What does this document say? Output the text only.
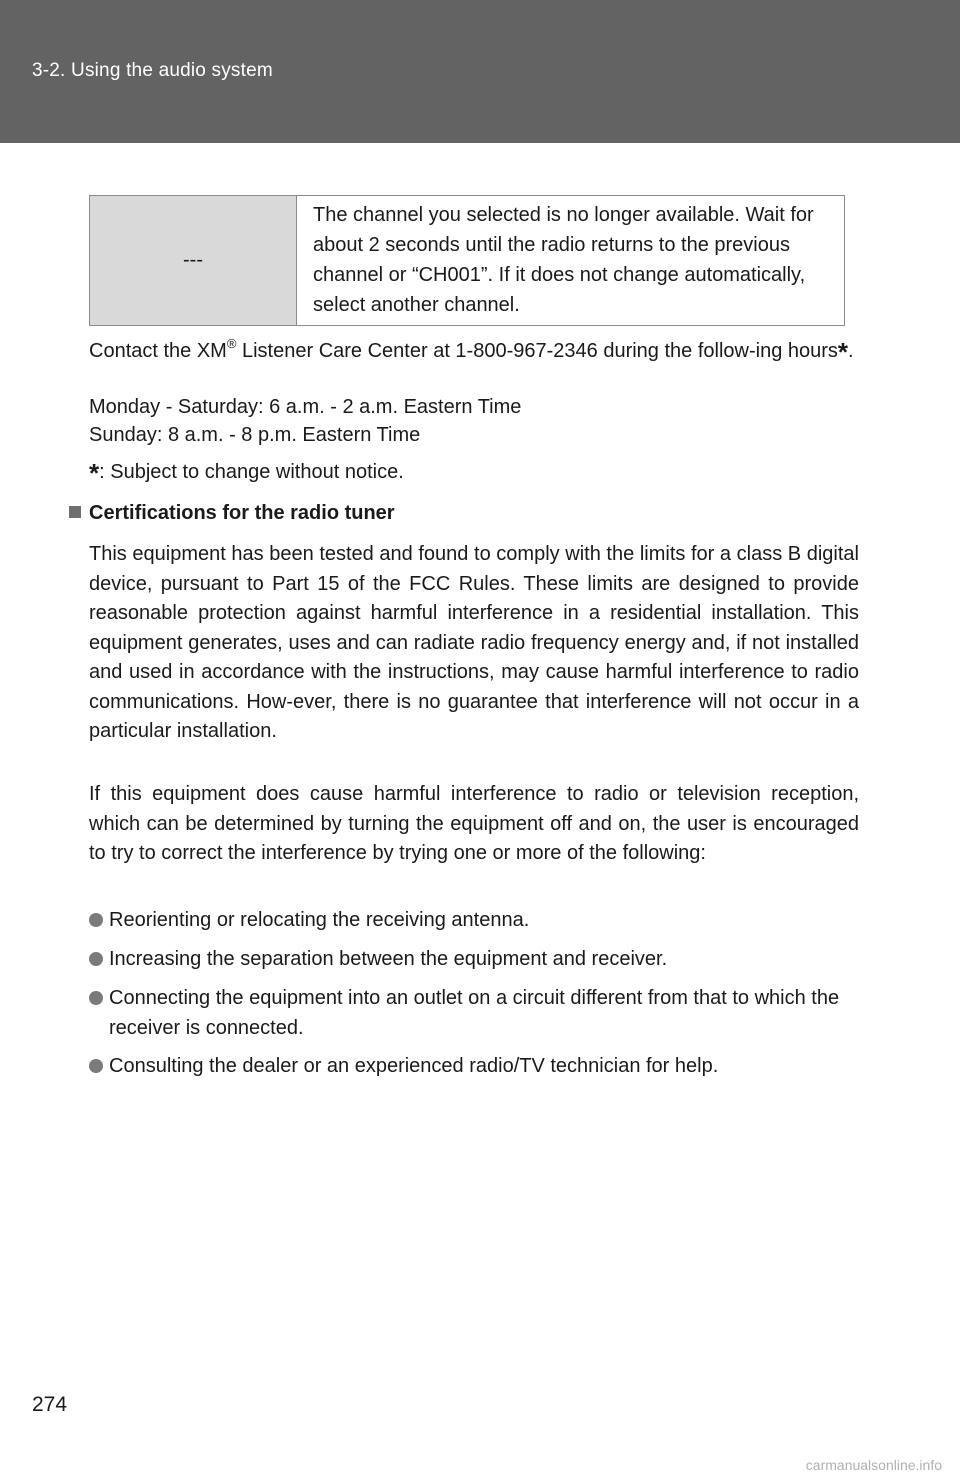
3-2. Using the audio system
---
The channel you selected is no longer available. Wait for about 2 seconds until the radio returns to the previous channel or “CH001”. If it does not change automatically, select another channel.
Contact the XM® Listener Care Center at 1-800-967-2346 during the follow-ing hours*.
Monday - Saturday: 6 a.m. - 2 a.m. Eastern Time
Sunday: 8 a.m. - 8 p.m. Eastern Time
*: Subject to change without notice.
Certifications for the radio tuner
This equipment has been tested and found to comply with the limits for a class B digital device, pursuant to Part 15 of the FCC Rules. These limits are designed to provide reasonable protection against harmful interference in a residential installation. This equipment generates, uses and can radiate radio frequency energy and, if not installed and used in accordance with the instructions, may cause harmful interference to radio communications. How-ever, there is no guarantee that interference will not occur in a particular installation.
If this equipment does cause harmful interference to radio or television reception, which can be determined by turning the equipment off and on, the user is encouraged to try to correct the interference by trying one or more of the following:
Reorienting or relocating the receiving antenna.
Increasing the separation between the equipment and receiver.
Connecting the equipment into an outlet on a circuit different from that to which the receiver is connected.
Consulting the dealer or an experienced radio/TV technician for help.
274
carmanualsonline.info
